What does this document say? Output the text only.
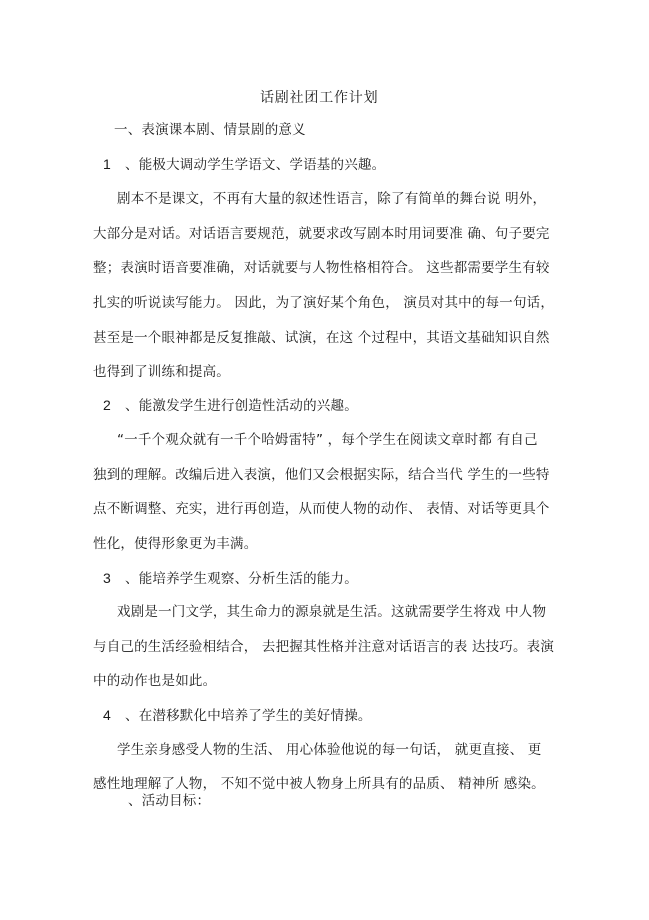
话剧社团工作计划
一、表演课本剧、情景剧的意义
1 、能极大调动学生学语文、学语基的兴趣。
剧本不是课文，不再有大量的叙述性语言，除了有简单的舞台说 明外，
大部分是对话。对话语言要规范，就要求改写剧本时用词要准 确、句子要完
整；表演时语音要准确，对话就要与人物性格相符合。 这些都需要学生有较
扎实的听说读写能力。 因此，为了演好某个角色， 演员对其中的每一句话，
甚至是一个眼神都是反复推敲、试演，在这 个过程中，其语文基础知识自然
也得到了训练和提高。
2 、能激发学生进行创造性活动的兴趣。
“一千个观众就有一千个哈姆雷特” ，每个学生在阅读文章时都 有自己
独到的理解。改编后进入表演，他们又会根据实际，结合当代 学生的一些特
点不断调整、充实，进行再创造，从而使人物的动作、 表情、对话等更具个
性化，使得形象更为丰满。
3 、能培养学生观察、分析生活的能力。
戏剧是一门文学，其生命力的源泉就是生活。这就需要学生将戏 中人物
与自己的生活经验相结合， 去把握其性格并注意对话语言的表 达技巧。表演
中的动作也是如此。
4 、在潜移默化中培养了学生的美好情操。
学生亲身感受人物的生活、 用心体验他说的每一句话， 就更直接、 更
感性地理解了人物， 不知不觉中被人物身上所具有的品质、 精神所 感染。
、活动目标：
